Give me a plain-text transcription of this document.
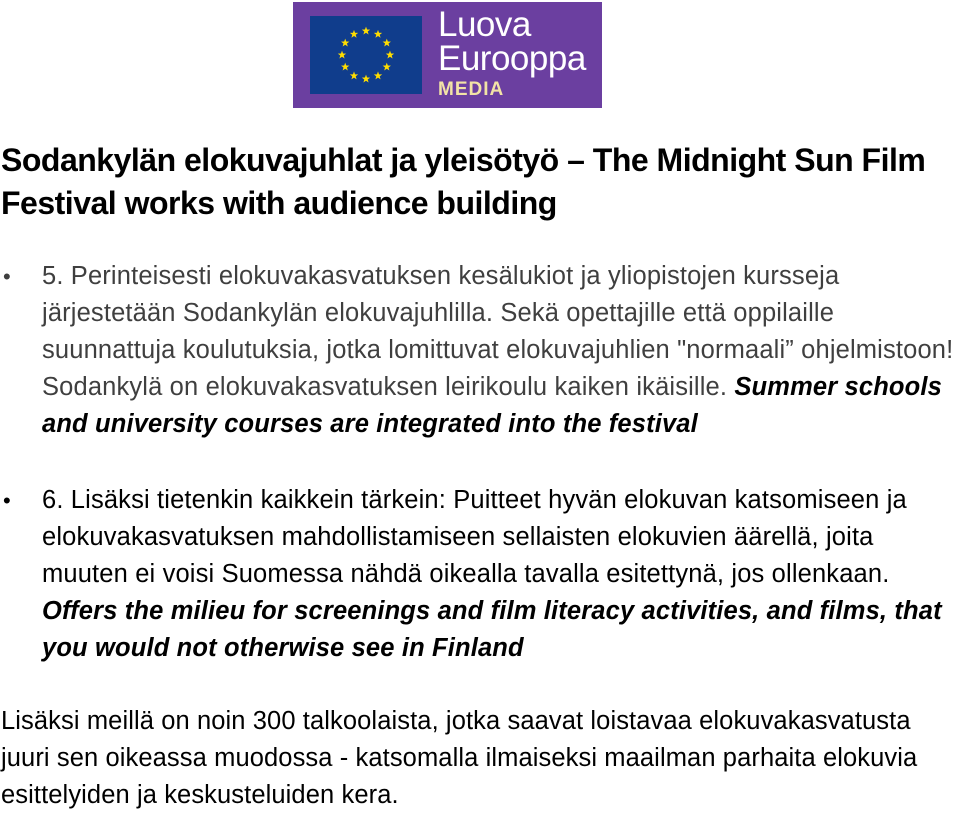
Luova
Eurooppa
MEDIA
Sodankylän elokuvajuhlat ja yleisötyö – The Midnight Sun Film Festival works with audience building
• 5. Perinteisesti elokuvakasvatuksen kesälukiot ja yliopistojen kursseja järjestetään Sodankylän elokuvajuhlilla. Sekä opettajille että oppilaille suunnattuja koulutuksia, jotka lomittuvat elokuvajuhlien "normaali” ohjelmistoon! Sodankylä on elokuvakasvatuksen leirikoulu kaiken ikäisille. Summer schools and university courses are integrated into the festival
• 6. Lisäksi tietenkin kaikkein tärkein: Puitteet hyvän elokuvan katsomiseen ja elokuvakasvatuksen mahdollistamiseen sellaisten elokuvien äärellä, joita muuten ei voisi Suomessa nähdä oikealla tavalla esitettynä, jos ollenkaan. Offers the milieu for screenings and film literacy activities, and films, that you would not otherwise see in Finland
Lisäksi meillä on noin 300 talkoolaista, jotka saavat loistavaa elokuvakasvatusta juuri sen oikeassa muodossa - katsomalla ilmaiseksi maailman parhaita elokuvia esittelyiden ja keskusteluiden kera.
